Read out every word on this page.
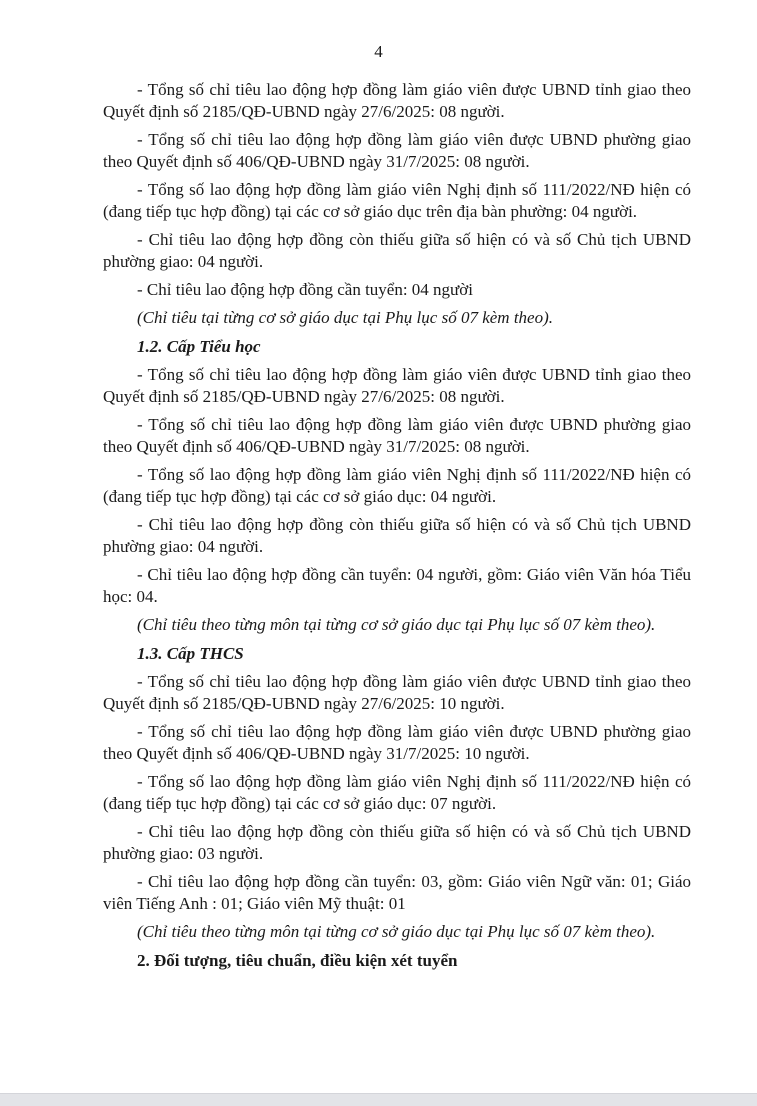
4

- Tổng số chỉ tiêu lao động hợp đồng làm giáo viên được UBND tỉnh giao theo Quyết định số 2185/QĐ-UBND ngày 27/6/2025: 08 người.

- Tổng số chỉ tiêu lao động hợp đồng làm giáo viên được UBND phường giao theo Quyết định số 406/QĐ-UBND ngày 31/7/2025: 08 người.

- Tổng số lao động hợp đồng làm giáo viên Nghị định số 111/2022/NĐ hiện có (đang tiếp tục hợp đồng) tại các cơ sở giáo dục trên địa bàn phường: 04 người.

- Chỉ tiêu lao động hợp đồng còn thiếu giữa số hiện có và số Chủ tịch UBND phường giao: 04 người.

- Chỉ tiêu lao động hợp đồng cần tuyển: 04 người

(Chỉ tiêu tại từng cơ sở giáo dục tại Phụ lục số 07 kèm theo).

1.2. Cấp Tiểu học

- Tổng số chỉ tiêu lao động hợp đồng làm giáo viên được UBND tỉnh giao theo Quyết định số 2185/QĐ-UBND ngày 27/6/2025: 08 người.

- Tổng số chỉ tiêu lao động hợp đồng làm giáo viên được UBND phường giao theo Quyết định số 406/QĐ-UBND ngày 31/7/2025: 08 người.

- Tổng số lao động hợp đồng làm giáo viên Nghị định số 111/2022/NĐ hiện có (đang tiếp tục hợp đồng) tại các cơ sở giáo dục: 04 người.

- Chỉ tiêu lao động hợp đồng còn thiếu giữa số hiện có và số Chủ tịch UBND phường giao: 04 người.

- Chỉ tiêu lao động hợp đồng cần tuyển: 04 người, gồm: Giáo viên Văn hóa Tiểu học: 04.

(Chỉ tiêu theo từng môn tại từng cơ sở giáo dục tại Phụ lục số 07 kèm theo).

1.3. Cấp THCS

- Tổng số chỉ tiêu lao động hợp đồng làm giáo viên được UBND tỉnh giao theo Quyết định số 2185/QĐ-UBND ngày 27/6/2025: 10 người.

- Tổng số chỉ tiêu lao động hợp đồng làm giáo viên được UBND phường giao theo Quyết định số 406/QĐ-UBND ngày 31/7/2025: 10 người.

- Tổng số lao động hợp đồng làm giáo viên Nghị định số 111/2022/NĐ hiện có (đang tiếp tục hợp đồng) tại các cơ sở giáo dục: 07 người.

- Chỉ tiêu lao động hợp đồng còn thiếu giữa số hiện có và số Chủ tịch UBND phường giao: 03 người.

- Chỉ tiêu lao động hợp đồng cần tuyển: 03, gồm: Giáo viên Ngữ văn: 01; Giáo viên Tiếng Anh : 01; Giáo viên Mỹ thuật: 01

(Chỉ tiêu theo từng môn tại từng cơ sở giáo dục tại Phụ lục số 07 kèm theo).

2. Đối tượng, tiêu chuẩn, điều kiện xét tuyển
